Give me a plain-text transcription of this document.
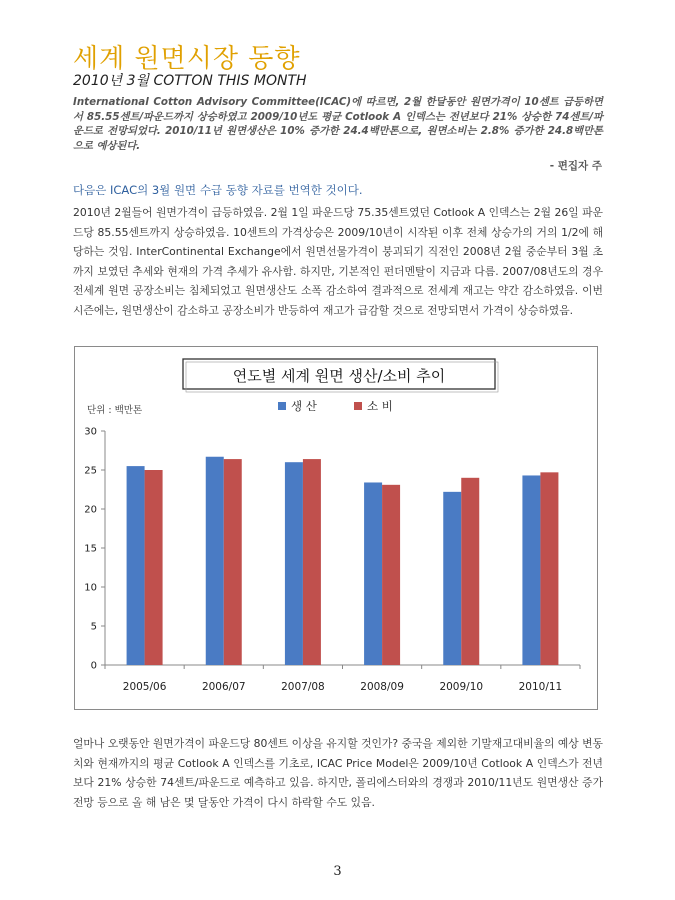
세계 원면시장 동향
2010년 3월 COTTON THIS MONTH
International Cotton Advisory Committee(ICAC)에 따르면, 2월 한달동안 원면가격이 10센트 급등하면서 85.55센트/파운드까지 상승하였고 2009/10년도 평균 Cotlook A 인덱스는 전년보다 21% 상승한 74센트/파운드로 전망되었다. 2010/11년 원면생산은 10% 증가한 24.4백만톤으로, 원면소비는 2.8% 증가한 24.8백만톤으로 예상된다.
- 편집자 주
다음은 ICAC의 3월 원면 수급 동향 자료를 번역한 것이다.
2010년 2월들어 원면가격이 급등하였음. 2월 1일 파운드당 75.35센트였던 Cotlook A 인덱스는 2월 26일 파운드당 85.55센트까지 상승하였음. 10센트의 가격상승은 2009/10년이 시작된 이후 전체 상승가의 거의 1/2에 해당하는 것임. InterContinental Exchange에서 원면선물가격이 붕괴되기 직전인 2008년 2월 중순부터 3월 초까지 보였던 추세와 현재의 가격 추세가 유사함. 하지만, 기본적인 펀더멘탈이 지금과 다름. 2007/08년도의 경우 전세계 원면 공장소비는 침체되었고 원면생산도 소폭 감소하여 결과적으로 전세계 재고는 약간 감소하였음. 이번 시즌에는, 원면생산이 감소하고 공장소비가 반등하여 재고가 급감할 것으로 전망되면서 가격이 상승하였음.
연도별 세계 원면 생산/소비 추이
단위 : 백만톤	생 산	소 비
0
5
10
15
20
25
30
2005/06	2006/07	2007/08	2008/09	2009/10	2010/11
얼마나 오랫동안 원면가격이 파운드당 80센트 이상을 유지할 것인가? 중국을 제외한 기말재고대비율의 예상 변동치와 현재까지의 평균 Cotlook A 인덱스를 기초로, ICAC Price Model은 2009/10년 Cotlook A 인덱스가 전년보다 21% 상승한 74센트/파운드로 예측하고 있음. 하지만, 폴리에스터와의 경쟁과 2010/11년도 원면생산 증가 전망 등으로 올 해 남은 몇 달동안 가격이 다시 하락할 수도 있음.
3
